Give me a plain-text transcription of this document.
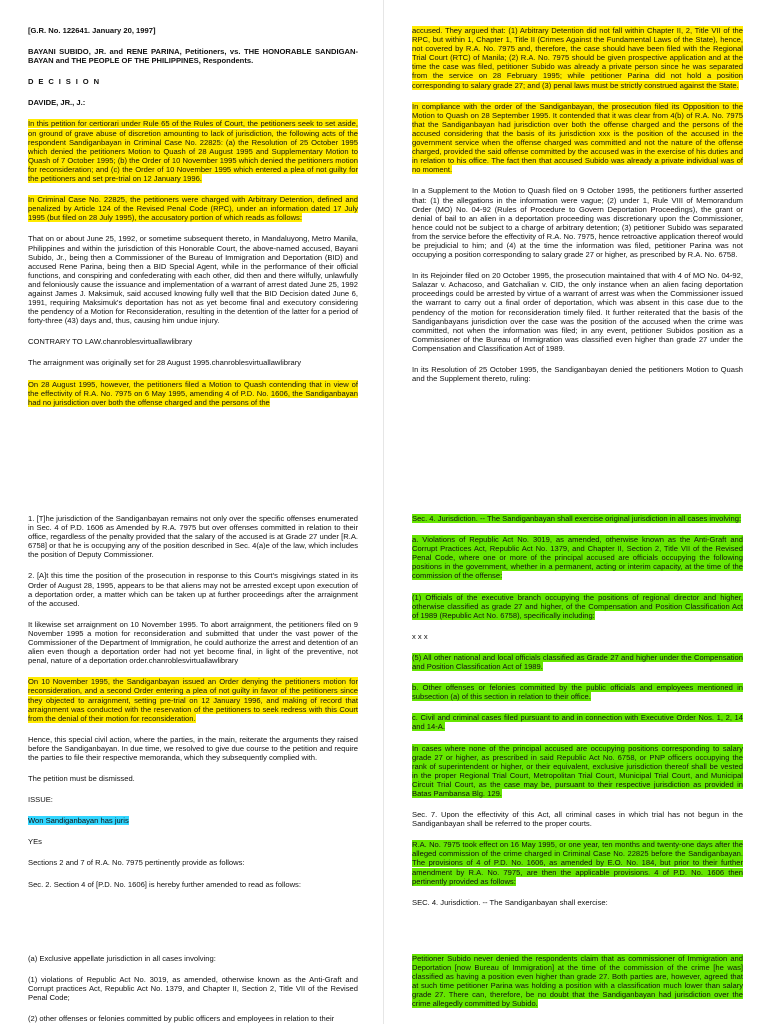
[G.R. No. 122641. January 20, 1997]

BAYANI SUBIDO, JR. and RENE PARINA, Petitioners, vs. THE HONORABLE SANDIGAN-BAYAN and THE PEOPLE OF THE PHILIPPINES, Respondents.

D E C I S I O N

DAVIDE, JR., J.:

In this petition for certiorari under Rule 65 of the Rules of Court, the petitioners seek to set aside, on ground of grave abuse of discretion amounting to lack of jurisdiction, the following acts of the respondent Sandiganbayan in Criminal Case No. 22825: (a) the Resolution of 25 October 1995 which denied the petitioners Motion to Quash of 28 August 1995 and Supplementary Motion to Quash of 7 October 1995; (b) the Order of 10 November 1995 which denied the petitioners motion for reconsideration; and (c) the Order of 10 November 1995 which entered a plea of not guilty for the petitioners and set pre-trial on 12 January 1996.

In Criminal Case No. 22825, the petitioners were charged with Arbitrary Detention, defined and penalized by Article 124 of the Revised Penal Code (RPC), under an information dated 17 July 1995 (but filed on 28 July 1995), the accusatory portion of which reads as follows:

That on or about June 25, 1992, or sometime subsequent thereto, in Mandaluyong, Metro Manila, Philippines and within the jurisdiction of this Honorable Court, the above-named accused, Bayani Subido, Jr., being then a Commissioner of the Bureau of Immigration and Deportation (BID) and accused Rene Parina, being then a BID Special Agent, while in the performance of their official functions, and conspiring and confederating with each other, did then and there wilfully, unlawfully and feloniously cause the issuance and implementation of a warrant of arrest dated June 25, 1992 against James J. Maksimuk, said accused knowing fully well that the BID Decision dated June 6, 1991, requiring Maksimuk's deportation has not as yet become final and executory considering the pendency of a Motion for Reconsideration, resulting in the detention of the latter for a period of forty-three (43) days and, thus, causing him undue injury.

CONTRARY TO LAW.chanroblesvirtuallawlibrary

The arraignment was originally set for 28 August 1995.chanroblesvirtuallawlibrary

On 28 August 1995, however, the petitioners filed a Motion to Quash contending that in view of the effectivity of R.A. No. 7975 on 6 May 1995, amending 4 of P.D. No. 1606, the Sandiganbayan had no jurisdiction over both the offense charged and the persons of the

accused. They argued that: (1) Arbitrary Detention did not fall within Chapter II, 2, Title VII of the RPC, but within 1, Chapter 1, Title II (Crimes Against the Fundamental Laws of the State), hence, not covered by R.A. No. 7975 and, therefore, the case should have been filed with the Regional Trial Court (RTC) of Manila; (2) R.A. No. 7975 should be given prospective application and at the time the case was filed, petitioner Subido was already a private person since he was separated from the service on 28 February 1995; while petitioner Parina did not hold a position corresponding to salary grade 27; and (3) penal laws must be strictly construed against the State.

In compliance with the order of the Sandiganbayan, the prosecution filed its Opposition to the Motion to Quash on 28 September 1995. It contended that it was clear from 4(b) of R.A. No. 7975 that the Sandiganbayan had jurisdiction over both the offense charged and the persons of the accused considering that the basis of its jurisdiction xxx is the position of the accused in the government service when the offense charged was committed and not the nature of the offense charged, provided the said offense committed by the accused was in the exercise of his duties and in relation to his office. The fact then that accused Subido was already a private individual was of no moment.

In a Supplement to the Motion to Quash filed on 9 October 1995, the petitioners further asserted that: (1) the allegations in the information were vague; (2) under 1, Rule VIII of Memorandum Order (MO) No. 04-92 (Rules of Procedure to Govern Deportation Proceedings), the grant or denial of bail to an alien in a deportation proceeding was discretionary upon the Commissioner, hence could not be subject to a charge of arbitrary detention; (3) petitioner Subido was separated from the service before the effectivity of R.A. No. 7975, hence retroactive application thereof would be prejudicial to him; and (4) at the time the information was filed, petitioner Parina was not occupying a position corresponding to salary grade 27 or higher, as prescribed by R.A. No. 6758.

In its Rejoinder filed on 20 October 1995, the prosecution maintained that with 4 of MO No. 04-92, Salazar v. Achacoso, and Gatchalian v. CID, the only instance when an alien facing deportation proceedings could be arrested by virtue of a warrant of arrest was when the Commissioner issued the warrant to carry out a final order of deportation, which was absent in this case due to the pendency of the motion for reconsideration timely filed. It further reiterated that the basis of the Sandiganbayans jurisdiction over the case was the position of the accused when the crime was committed, not when the information was filed; in any event, petitioner Subidos position as a Commissioner of the Bureau of Immigration was classified even higher than grade 27 under the Compensation and Classification Act of 1989.

In its Resolution of 25 October 1995, the Sandiganbayan denied the petitioners Motion to Quash and the Supplement thereto, ruling:

1. [T]he jurisdiction of the Sandiganbayan remains not only over the specific offenses enumerated in Sec. 4 of P.D. 1606 as Amended by R.A. 7975 but over offenses committed in relation to their office, regardless of the penalty provided that the salary of the accused is at Grade 27 under [R.A. 6758] or that he is occupying any of the position described in Sec. 4(a)e of the law, which includes the position of Deputy Commissioner.

2. [A]t this time the position of the prosecution in response to this Court's misgivings stated in its Order of August 28, 1995, appears to be that aliens may not be arrested except upon execution of a deportation order, a matter which can be taken up at further proceedings after the arraignment of the accused.

It likewise set arraignment on 10 November 1995. To abort arraignment, the petitioners filed on 9 November 1995 a motion for reconsideration and submitted that under the vast power of the Commissioner of the Department of Immigration, he could authorize the arrest and detention of an alien even though a deportation order had not yet become final, in light of the preventive, not penal, nature of a deportation order.chanroblesvirtuallawlibrary

On 10 November 1995, the Sandiganbayan issued an Order denying the petitioners motion for reconsideration, and a second Order entering a plea of not guilty in favor of the petitioners since they objected to arraignment, setting pre-trial on 12 January 1996, and making of record that arraignment was conducted with the reservation of the petitioners to seek redress with this Court from the denial of their motion for reconsideration.

Hence, this special civil action, where the parties, in the main, reiterate the arguments they raised before the Sandiganbayan. In due time, we resolved to give due course to the petition and require the parties to file their respective memoranda, which they subsequently complied with.

The petition must be dismissed.

ISSUE:

Won Sandiganbayan has juris

YEs

Sections 2 and 7 of R.A. No. 7975 pertinently provide as follows:

Sec. 2. Section 4 of [P.D. No. 1606] is hereby further amended to read as follows:

Sec. 4. Jurisdiction. -- The Sandiganbayan shall exercise original jurisdiction in all cases involving:

a. Violations of Republic Act No. 3019, as amended, otherwise known as the Anti-Graft and Corrupt Practices Act, Republic Act No. 1379, and Chapter II, Section 2, Title VII of the Revised Penal Code, where one or more of the principal accused are officials occupying the following positions in the government, whether in a permanent, acting or interim capacity, at the time of the commission of the offense:

(1) Officials of the executive branch occupying the positions of regional director and higher, otherwise classified as grade 27 and higher, of the Compensation and Position Classification Act of 1989 (Republic Act No. 6758), specifically including:

x x x

(5) All other national and local officials classified as Grade 27 and higher under the Compensation and Position Classification Act of 1989.

b. Other offenses or felonies committed by the public officials and employees mentioned in subsection (a) of this section in relation to their office.

c. Civil and criminal cases filed pursuant to and in connection with Executive Order Nos. 1, 2, 14 and 14-A.

In cases where none of the principal accused are occupying positions corresponding to salary grade 27 or higher, as prescribed in said Republic Act No. 6758, or PNP officers occupying the rank of superintendent or higher, or their equivalent, exclusive jurisdiction thereof shall be vested in the proper Regional Trial Court, Metropolitan Trial Court, Municipal Trial Court, and Municipal Circuit Trial Court, as the case may be, pursuant to their respective jurisdiction as provided in Batas Pambansa Blg. 129.

Sec. 7. Upon the effectivity of this Act, all criminal cases in which trial has not begun in the Sandiganbayan shall be referred to the proper courts.

R.A. No. 7975 took effect on 16 May 1995, or one year, ten months and twenty-one days after the alleged commission of the crime charged in Criminal Case No. 22825 before the Sandiganbayan. The provisions of 4 of P.D. No. 1606, as amended by E.O. No. 184, but prior to their further amendment by R.A. No. 7975, are then the applicable provisions. 4 of P.D. No. 1606 then pertinently provided as follows:

SEC. 4. Jurisdiction. -- The Sandiganbayan shall exercise:

(a) Exclusive appellate jurisdiction in all cases involving:

(1) violations of Republic Act No. 3019, as amended, otherwise known as the Anti-Graft and Corrupt practices Act, Republic Act No. 1379, and Chapter II, Section 2, Title VII of the Revised Penal Code;

(2) other offenses or felonies committed by public officers and employees in relation to their

Petitioner Subido never denied the respondents claim that as commissioner of Immigration and Deportation [now Bureau of Immigration] at the time of the commission of the crime [he was] classified as having a position even higher than grade 27. Both parties are, however, agreed that at such time petitioner Parina was holding a position with a classification much lower than salary grade 27. There can, therefore, be no doubt that the Sandiganbayan had jurisdiction over the crime allegedly committed by Subido.
